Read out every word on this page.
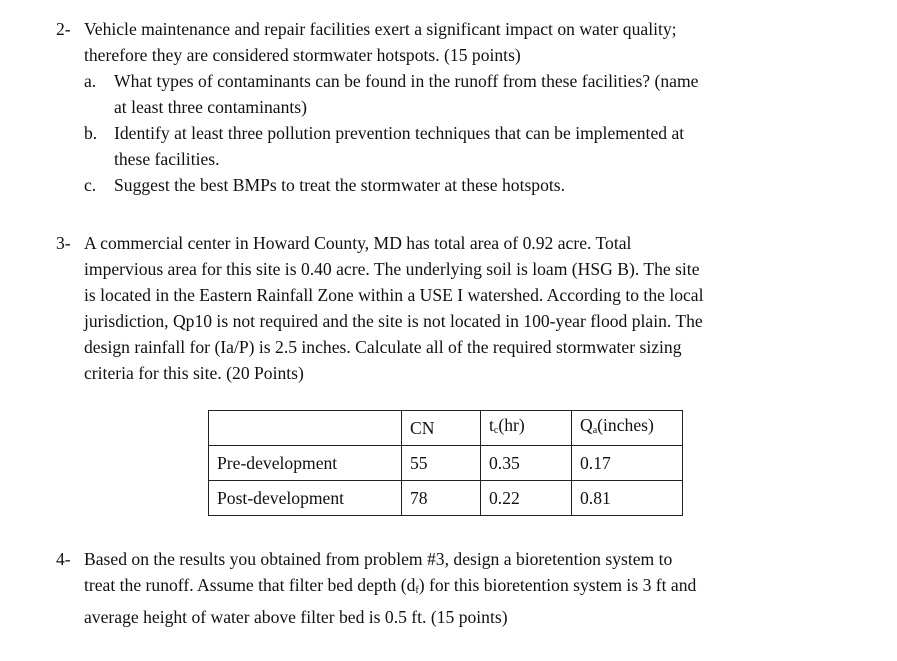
2- Vehicle maintenance and repair facilities exert a significant impact on water quality;
therefore they are considered stormwater hotspots. (15 points)
a. What types of contaminants can be found in the runoff from these facilities? (name
at least three contaminants)
b. Identify at least three pollution prevention techniques that can be implemented at
these facilities.
c. Suggest the best BMPs to treat the stormwater at these hotspots.
3- A commercial center in Howard County, MD has total area of 0.92 acre. Total
impervious area for this site is 0.40 acre. The underlying soil is loam (HSG B). The site
is located in the Eastern Rainfall Zone within a USE I watershed. According to the local
jurisdiction, Qp10 is not required and the site is not located in 100-year flood plain. The
design rainfall for (Ia/P) is 2.5 inches. Calculate all of the required stormwater sizing
criteria for this site. (20 Points)
	CN	$t_c(hr)$	$Q_a(inches)$
Pre-development	55	0.35	0.17
Post-development	78	0.22	0.81
4- Based on the results you obtained from problem #3, design a bioretention system to
treat the runoff. Assume that filter bed depth $(d_f)$ for this bioretention system is 3 ft and
average height of water above filter bed is 0.5 ft. (15 points)
